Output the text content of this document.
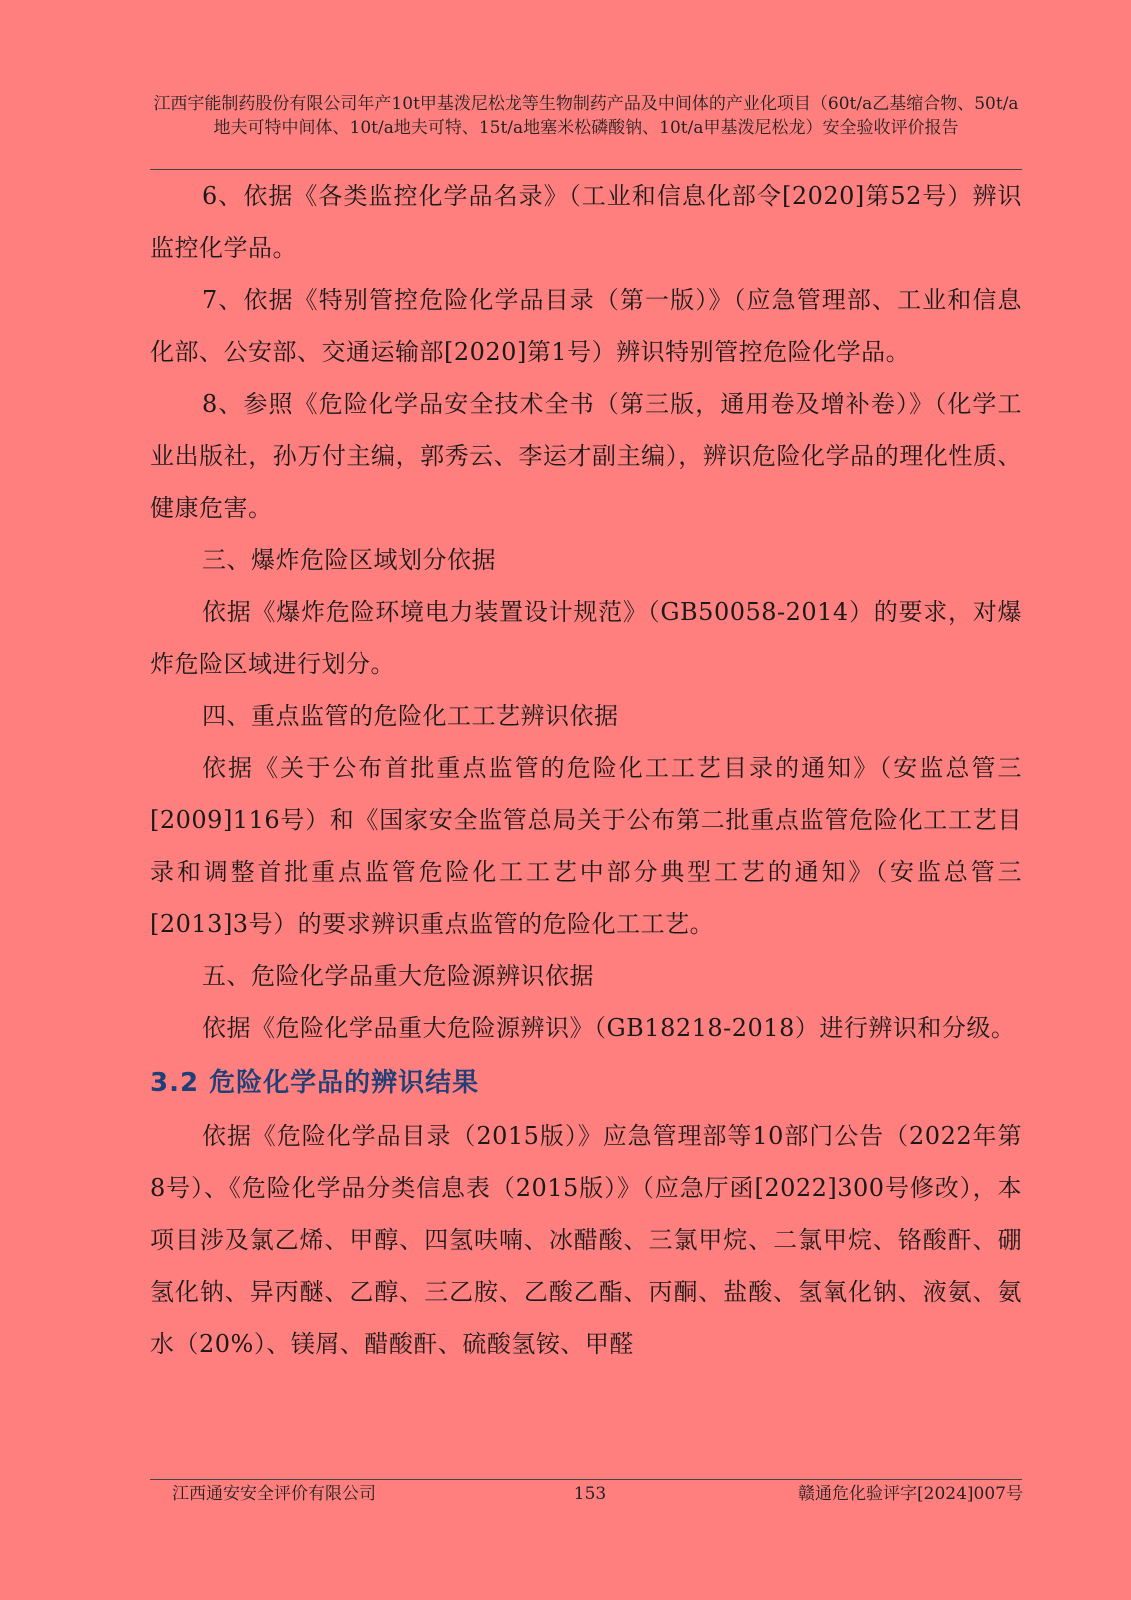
江西宇能制药股份有限公司年产10t甲基泼尼松龙等生物制药产品及中间体的产业化项目（60t/a乙基缩合物、50t/a地夫可特中间体、10t/a地夫可特、15t/a地塞米松磷酸钠、10t/a甲基泼尼松龙）安全验收评价报告

6、依据《各类监控化学品名录》（工业和信息化部令[2020]第52号）辨识监控化学品。

7、依据《特别管控危险化学品目录（第一版）》（应急管理部、工业和信息化部、公安部、交通运输部[2020]第1号）辨识特别管控危险化学品。

8、参照《危险化学品安全技术全书（第三版，通用卷及增补卷）》（化学工业出版社，孙万付主编，郭秀云、李运才副主编），辨识危险化学品的理化性质、健康危害。

三、爆炸危险区域划分依据

依据《爆炸危险环境电力装置设计规范》（GB50058-2014）的要求，对爆炸危险区域进行划分。

四、重点监管的危险化工工艺辨识依据

依据《关于公布首批重点监管的危险化工工艺目录的通知》（安监总管三[2009]116号）和《国家安全监管总局关于公布第二批重点监管危险化工工艺目录和调整首批重点监管危险化工工艺中部分典型工艺的通知》（安监总管三[2013]3号）的要求辨识重点监管的危险化工工艺。

五、危险化学品重大危险源辨识依据

依据《危险化学品重大危险源辨识》（GB18218-2018）进行辨识和分级。

3.2 危险化学品的辨识结果

依据《危险化学品目录（2015版）》应急管理部等10部门公告（2022年第8号）、《危险化学品分类信息表（2015版）》（应急厅函[2022]300号修改），本项目涉及氯乙烯、甲醇、四氢呋喃、冰醋酸、三氯甲烷、二氯甲烷、铬酸酐、硼氢化钠、异丙醚、乙醇、三乙胺、乙酸乙酯、丙酮、盐酸、氢氧化钠、液氨、氨水（20%）、镁屑、醋酸酐、硫酸氢铵、甲醛

江西通安安全评价有限公司	153	赣通危化验评字[2024]007号
